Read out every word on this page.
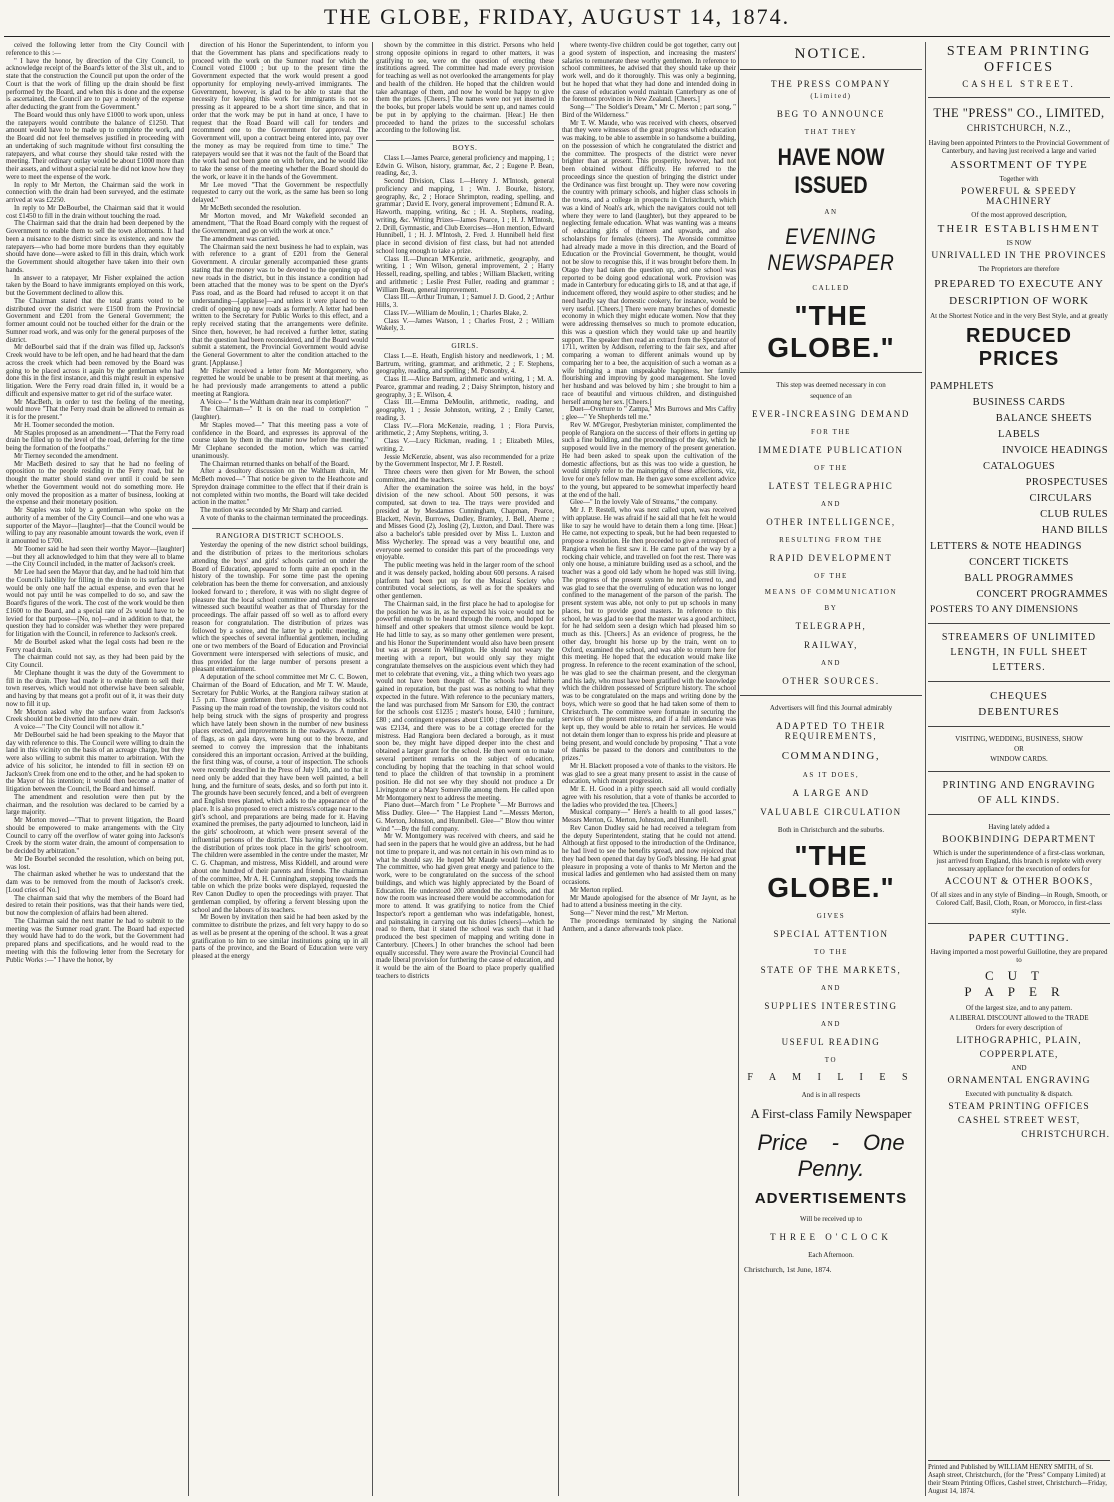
THE GLOBE, FRIDAY, AUGUST 14, 1874.

ceived the following letter from the City Council with reference to this :—

" I have the honor, by direction of the City Council, to acknowledge receipt of the Board's letter of the 31st ult., and to state that the construction the Council put upon the order of the Court is that the work of filling up the drain should be first performed by the Board, and when this is done and the expense is ascertained, the Council are to pay a moiety of the expense after deducting the grant from the Government."

The Board would thus only have £1000 to work upon, unless the ratepayers would contribute the balance of £1250. That amount would have to be made up to complete the work, and the Board did not feel themselves justified in proceeding with an undertaking of such magnitude without first consulting the ratepayers, and what course they should take rested with the meeting. Their ordinary outlay would be about £1000 more than their assets, and without a special rate he did not know how they were to meet the expense of the work.

In reply to Mr Merton, the Chairman said the work in connection with the drain had been surveyed, and the estimate arrived at was £2250.

In reply to Mr DeBourbel, the Chairman said that it would cost £1450 to fill in the drain without touching the road.

The Chairman said that the drain had been deepened by the Government to enable them to sell the town allotments. It had been a nuisance to the district since its existence, and now the ratepayers—who had borne more burdens than they equitably should have done—were asked to fill in this drain, which work the Government should altogether have taken into their own hands.

In answer to a ratepayer, Mr Fisher explained the action taken by the Board to have immigrants employed on this work, but the Government declined to allow this.

The Chairman stated that the total grants voted to be distributed over the district were £1500 from the Provincial Government and £201 from the General Government; the former amount could not be touched either for the drain or the Sumner road work, and was only for the general purposes of the district.

Mr deBourbel said that if the drain was filled up, Jackson's Creek would have to be left open, and he had heard that the dam across the creek which had been removed by the Board was going to be placed across it again by the gentleman who had done this in the first instance, and this might result in expensive litigation. Were the Ferry road drain filled in, it would be a difficult and expensive matter to get rid of the surface water.

Mr MacBeth, in order to test the feeling of the meeting, would move "That the Ferry road drain be allowed to remain as it is for the present."

Mr H. Toomer seconded the motion.

Mr Staples proposed as an amendment—"That the Ferry road drain be filled up to the level of the road, deferring for the time being the formation of the footpaths."

Mr Tierney seconded the amendment.

Mr MacBeth desired to say that he had no feeling of opposition to the people residing in the Ferry road, but he thought the matter should stand over until it could be seen whether the Government would not do something more. He only moved the proposition as a matter of business, looking at the expense and their monetary position.

Mr Staples was told by a gentleman who spoke on the authority of a member of the City Council—and one who was a supporter of the Mayor—[laughter]—that the Council would be willing to pay any reasonable amount towards the work, even if it amounted to £700.

Mr Toomer said he had seen their worthy Mayor—[laughter]—but they all acknowledged to him that they were all to blame—the City Council included, in the matter of Jackson's creek.

Mr Lee had seen the Mayor that day, and he had told him that the Council's liability for filling in the drain to its surface level would be only one half the actual expense, and even that he would not pay until he was compelled to do so, and saw the Board's figures of the work. The cost of the work would be then £1600 to the Board, and a special rate of 2s would have to be levied for that purpose—[No, no]—and in addition to that, the question they had to consider was whether they were prepared for litigation with the Council, in reference to Jackson's creek.

Mr de Bourbel asked what the legal costs had been re the Ferry road drain.

The chairman could not say, as they had been paid by the City Council.

Mr Clephane thought it was the duty of the Government to fill in the drain. They had made it to enable them to sell their town reserves, which would not otherwise have been saleable, and having by that means got a profit out of it, it was their duty now to fill it up.

Mr Morton asked why the surface water from Jackson's Creek should not be diverted into the new drain.

A voice—" The City Council will not allow it."

Mr DeBourbel said he had been speaking to the Mayor that day with reference to this. The Council were willing to drain the land in this vicinity on the basis of an acreage charge, but they were also willing to submit this matter to arbitration. With the advice of his solicitor, he intended to fill in section 69 on Jackson's Creek from one end to the other, and he had spoken to the Mayor of his intention; it would then become a matter of litigation between the Council, the Board and himself.

The amendment and resolution were then put by the chairman, and the resolution was declared to be carried by a large majority.

Mr Morton moved—"That to prevent litigation, the Board should be empowered to make arrangements with the City Council to carry off the overflow of water going into Jackson's Creek by the storm water drain, the amount of compensation to be decided by arbitration."

Mr De Bourbel seconded the resolution, which on being put, was lost.

The chairman asked whether he was to understand that the dam was to be removed from the mouth of Jackson's creek. [Loud cries of No.]

The chairman said that why the members of the Board had desired to retain their positions, was that their hands were tied, but now the complexion of affairs had been altered.

The Chairman said the next matter he had to submit to the meeting was the Sumner road grant. The Board had expected they would have had to do the work, but the Government had prepared plans and specifications, and he would read to the meeting with this the following letter from the Secretary for Public Works :—" I have the honor, by

direction of his Honor the Superintendent, to inform you that the Government has plans and specifications ready to proceed with the work on the Sumner road for which the Council voted £1000 ; but up to the present time the Government expected that the work would present a good opportunity for employing newly-arrived immigrants. The Government, however, is glad to be able to state that the necessity for keeping this work for immigrants is not so pressing as it appeared to be a short time since, and that in order that the work may be put in hand at once, I have to request that the Road Board will call for tenders and recommend one to the Government for approval. The Government will, upon a contract being entered into, pay over the money as may be required from time to time." The ratepayers would see that it was not the fault of the Board that the work had not been gone on with before, and he would like to take the sense of the meeting whether the Board should do the work, or leave it in the hands of the Government.

Mr Lee moved "That the Government be respectfully requested to carry out the work, as the same has been so long delayed."

Mr McBeth seconded the resolution.

Mr Morton moved, and Mr Wakefield seconded an amendment, "That the Road Board comply with the request of the Government, and go on with the work at once."

The amendment was carried.

The Chairman said the next business he had to explain, was with reference to a grant of £201 from the General Government. A circular generally accompanied these grants stating that the money was to be devoted to the opening up of new roads in the district, but in this instance a condition had been attached that the money was to be spent on the Dyer's Pass road, and as the Board had refused to accept it on that understanding—[applause]—and unless it were placed to the credit of opening up new roads as formerly. A letter had been written to the Secretary for Public Works to this effect, and a reply received stating that the arrangements were definite. Since then, however, he had received a further letter, stating that the question had been reconsidered, and if the Board would submit a statement, the Provincial Government would advise the General Government to alter the condition attached to the grant. [Applause.]

Mr Fisher received a letter from Mr Montgomery, who regretted he would be unable to be present at that meeting, as he had previously made arrangements to attend a public meeting at Rangiora.

A Voice—" Is the Waltham drain near its completion?"

The Chairman—" It is on the road to completion " (laughter).

Mr Staples moved—" That this meeting pass a vote of confidence in the Board, and expresses its approval of the course taken by them in the matter now before the meeting." Mr Clephane seconded the motion, which was carried unanimously.

The Chairman returned thanks on behalf of the Board.

After a desultory discussion on the Waltham drain, Mr McBeth moved—" That notice be given to the Heathcote and Spreydon drainage committee to the effect that if their drain is not completed within two months, the Board will take decided action in the matter."

The motion was seconded by Mr Sharp and carried.

A vote of thanks to the chairman terminated the proceedings.

RANGIORA DISTRICT SCHOOLS.

Yesterday the opening of the new district school buildings, and the distribution of prizes to the meritorious scholars attending the boys' and girls' schools carried on under the Board of Education, appeared to form quite an epoch in the history of the township. For some time past the opening celebration has been the theme for conversation, and anxiously looked forward to ; therefore, it was with no slight degree of pleasure that the local school committee and others interested witnessed such beautiful weather as that of Thursday for the proceedings. The affair passed off so well as to afford every reason for congratulation. The distribution of prizes was followed by a soiree, and the latter by a public meeting, at which the speeches of several influential gentlemen, including one or two members of the Board of Education and Provincial Government were interspersed with selections of music, and thus provided for the large number of persons present a pleasant entertainment.

A deputation of the school committee met Mr C. C. Bowen, Chairman of the Board of Education, and Mr T. W. Maude, Secretary for Public Works, at the Rangiora railway station at 1.5 p.m. Those gentlemen then proceeded to the schools. Passing up the main road of the township, the visitors could not help being struck with the signs of prosperity and progress which have lately been shown in the number of new business places erected, and improvements in the roadways. A number of flags, as on gala days, were hung out to the breeze, and seemed to convey the impression that the inhabitants considered this an important occasion. Arrived at the building, the first thing was, of course, a tour of inspection. The schools were recently described in the Press of July 15th, and to that it need only be added that they have been well painted, a bell hung, and the furniture of seats, desks, and so forth put into it. The grounds have been securely fenced, and a belt of evergreen and English trees planted, which adds to the appearance of the place. It is also proposed to erect a mistress's cottage near to the girl's school, and preparations are being made for it. Having examined the premises, the party adjourned to luncheon, laid in the girls' schoolroom, at which were present several of the influential persons of the district. This having been got over, the distribution of prizes took place in the girls' schoolroom. The children were assembled in the centre under the master, Mr C. G. Chapman, and mistress, Miss Kiddell, and around were about one hundred of their parents and friends. The chairman of the committee, Mr A. H. Cunningham, stepping towards the table on which the prize books were displayed, requested the Rev Canon Dudley to open the proceedings with prayer. That gentleman complied, by offering a fervent blessing upon the school and the labours of its teachers.

Mr Bowen by invitation then said he had been asked by the committee to distribute the prizes, and felt very happy to do so as well as be present at the opening of the school. It was a great gratification to him to see similar institutions going up in all parts of the province, and the Board of Education were very pleased at the energy

shown by the committee in this district. Persons who held strong opposite opinions in regard to other matters, it was gratifying to see, were on the question of erecting these institutions agreed. The committee had made every provision for teaching as well as not overlooked the arrangements for play and health of the children. He hoped that the children would take advantage of them, and now he would be happy to give them the prizes. [Cheers.] The names were not yet inserted in the books, but proper labels would be sent up, and names could be put in by applying to the chairman. [Hear.] He then proceeded to hand the prizes to the successful scholars according to the following list.

BOYS.

Class I.—James Pearce, general proficiency and mapping, 1 ; Edwin G. Wilson, history, grammar, &c, 2 ; Eugene P. Bean, reading, &c, 3.

Second Division, Class I.—Henry J. M'Intosh, general proficiency and mapping, 1 ; Wm. J. Bourke, history, geography, &c, 2 ; Horace Shrimpton, reading, spelling, and grammar ; David E. Ivory, general improvement ; Edmund R. A. Haworth, mapping, writing, &c ; H. A. Stephens, reading, writing, &c. Writing Prizes—James Pearce, 1 ; H. J. M'Intosh, 2. Drill, Gymnastic, and Club Exercises—Hon mention, Edward Hunnibell, 1 ; H. J. M'Intosh, 2. Fred. J. Hunnibell held first place in second division of first class, but had not attended school long enough to take a prize.

Class II.—Duncan M'Kenzie, arithmetic, geography, and writing, 1 ; Wm Wilson, general improvement, 2 ; Harry Hessell, reading, spelling, and tables ; William Blackett, writing and arithmetic ; Leslie Prest Fuller, reading and grammar ; William Bean, general improvement.

Class III.—Arthur Truman, 1 ; Samuel J. D. Good, 2 ; Arthur Hills, 3.

Class IV.—William de Moulin, 1 ; Charles Blake, 2.

Class V.—James Watson, 1 ; Charles Frost, 2 ; William Wakely, 3.

GIRLS.

Class I.—E. Heath, English history and needlework, 1 ; M. Bartrum, writing, grammar, and arithmetic, 2 ; F. Stephens, geography, reading, and spelling ; M. Ponsonby, 4.

Class II.—Alice Bartrum, arithmetic and writing, 1 ; M. A. Pearce, grammar and reading, 2 ; Daisy Shrimpton, history and geography, 3 ; E. Wilson, 4.

Class III.—Emma DeMoulin, arithmetic, reading, and geography, 1 ; Jessie Johnston, writing, 2 ; Emily Carter, reading, 3.

Class IV.—Flora McKenzie, reading, 1 ; Flora Purvis, arithmetic, 2 ; Amy Stephens, writing, 3.

Class V.—Lucy Rickman, reading, 1 ; Elizabeth Miles, writing, 2.

Jessie McKenzie, absent, was also recommended for a prize by the Government Inspector, Mr J. P. Restell.

Three cheers were then given for Mr Bowen, the school committee, and the teachers.

After the examination the soiree was held, in the boys' division of the new school. About 500 persons, it was computed, sat down to tea. The trays were provided and presided at by Mesdames Cunningham, Chapman, Pearce, Blackett, Nevin, Burrows, Dudley, Bramley, J. Bell, Aherne ; and Misses Good (2), Josling (2), Luxton, and Daul. There was also a bachelor's table presided over by Miss L. Luxton and Miss Wycherley. The spread was a very beautiful one, and everyone seemed to consider this part of the proceedings very enjoyable.

The public meeting was held in the larger room of the school and it was densely packed, holding about 600 persons. A raised platform had been put up for the Musical Society who contributed vocal selections, as well as for the speakers and other gentlemen.

The Chairman said, in the first place he had to apologise for the position he was in, as he expected his voice would not be powerful enough to be heard through the room, and hoped for himself and other speakers that utmost silence would be kept. He had little to say, as so many other gentlemen were present, and his Honor the Superintendent would also have been present but was at present in Wellington. He should not weary the meeting with a report, but would only say they might congratulate themselves on the auspicious event which they had met to celebrate that evening, viz., a thing which two years ago would not have been thought of. The schools had hitherto gained in reputation, but the past was as nothing to what they expected in the future. With reference to the pecuniary matters, the land was purchased from Mr Sansom for £30, the contract for the schools cost £1235 ; master's house, £410 ; furniture, £80 ; and contingent expenses about £100 ; therefore the outlay was £2134, and there was to be a cottage erected for the mistress. Had Rangiora been declared a borough, as it must soon be, they might have dipped deeper into the chest and obtained a larger grant for the school. He then went on to make several pertinent remarks on the subject of education, concluding by hoping that the teaching in that school would tend to place the children of that township in a prominent position. He did not see why they should not produce a Dr Livingstone or a Mary Somerville among them. He called upon Mr Montgomery next to address the meeting.

Piano duet—March from " Le Prophete "—Mr Burrows and Miss Dudley. Glee—" The Happiest Land "—Messrs Merton, G. Merton, Johnston, and Hunnibell. Glee—" Blow thou winter wind "—By the full company.

Mr W. Montgomery was received with cheers, and said he had seen in the papers that he would give an address, but he had not time to prepare it, and was not certain in his own mind as to what he should say. He hoped Mr Maude would follow him. The committee, who had given great energy and patience to the work, were to be congratulated on the success of the school buildings, and which was highly appreciated by the Board of Education. He understood 200 attended the schools, and that now the room was increased there would be accommodation for more to attend. It was gratifying to notice from the Chief Inspector's report a gentleman who was indefatigable, honest, and painstaking in carrying out his duties [cheers]—which he read to them, that it stated the school was such that it had produced the best specimen of mapping and writing done in Canterbury. [Cheers.] In other branches the school had been equally successful. They were aware the Provincial Council had made liberal provision for furthering the cause of education, and it would be the aim of the Board to place properly qualified teachers to districts

where twenty-five children could be got together, carry out a good system of inspection, and increasing the masters' salaries to remunerate these worthy gentlemen. In reference to school committees, he advised that they should take up their work well, and do it thoroughly. This was only a beginning, but he hoped that what they had done and intended doing in the cause of education would maintain Canterbury as one of the foremost provinces in New Zealand. [Cheers.]

Song—" The Soldier's Dream," Mr C. Merton ; part song, " Bird of the Wilderness."

Mr T. W. Maude, who was received with cheers, observed that they were witnesses of the great progress which education was making, to be able to assemble in so handsome a building, on the possession of which he congratulated the district and the committee. The prospects of the district were never brighter than at present. This prosperity, however, had not been obtained without difficulty. He referred to the proceedings since the question of bringing the district under the Ordinance was first brought up. They were now covering the country with primary schools, and higher class schools in the towns, and a college in prospectu in Christchurch, which was a kind of Noah's ark, which the navigators could not tell where they were to land (laughter), but they appeared to be neglecting female education. What was wanting was a means of educating girls of thirteen and upwards, and also scholarships for females (cheers). The Avonside committee had already made a move in this direction, and the Board of Education or the Provincial Government, he thought, would not be slow to recognise this, if it was brought before them. In Otago they had taken the question up, and one school was reported to be doing good educational work. Provision was made in Canterbury for educating girls to 18, and at that age, if inducement offered, they would aspire to other studies; and he need hardly say that domestic cookery, for instance, would be very useful. [Cheers.] There were many branches of domestic economy in which they might educate women. Now that they were addressing themselves so much to promote education, this was a question which they would take up and heartily support. The speaker then read an extract from the Spectator of 1711, written by Addison, referring to the fair sex, and after comparing a woman to different animals wound up by comparing her to a bee, the acquisition of such a woman as a wife bringing a man unspeakable happiness, her family flourishing and improving by good management. She loved her husband and was beloved by him ; she brought to him a race of beautiful and virtuous children, and distinguished herself among her sex. [Cheers.]

Duet—Overture to " Zampa," Mrs Burrows and Mrs Caffry ; glee—" Ye Shepherds tell me."

Rev W. M'Gregor, Presbyterian minister, complimented the people of Rangiora on the success of their efforts in getting up such a fine building, and the proceedings of the day, which he supposed would live in the memory of the present generation. He had been asked to speak upon the cultivation of the domestic affections, but as this was too wide a question, he would simply refer to the mainspring of these affections, viz, love for one's fellow man. He then gave some excellent advice to the young, but appeared to be somewhat imperfectly heard at the end of the hall.

Glee—" In the lovely Vale of Streams," the company.

Mr J. P. Restell, who was next called upon, was received with applause. He was afraid if he said all that he felt he would like to say he would have to detain them a long time. [Hear.] He came, not expecting to speak, but he had been requested to propose a resolution. He then proceeded to give a retrospect of Rangiora when he first saw it. He came part of the way by a rocking chair vehicle, and travelled on foot the rest. There was only one house, a miniature building used as a school, and the teacher was a good old lady whom he hoped was still living. The progress of the present system he next referred to, and was glad to see that the overruling of education was no longer confined to the management of the parson of the parish. The present system was able, not only to put up schools in many places, but to provide good masters. In reference to this school, he was glad to see that the master was a good architect, for he had seldom seen a design which had pleased him so much as this. [Cheers.] As an evidence of progress, he the other day, brought his horse up by the train, went on to Oxford, examined the school, and was able to return here for this meeting. He hoped that the education would make like progress. In reference to the recent examination of the school, he was glad to see the chairman present, and the clergyman and his lady, who must have been gratified with the knowledge which the children possessed of Scripture history. The school was to be congratulated on the maps and writing done by the boys, which were so good that he had taken some of them to Christchurch. The committee were fortunate in securing the services of the present mistress, and if a full attendance was kept up, they would be able to retain her services. He would not detain them longer than to express his pride and pleasure at being present, and would conclude by proposing " That a vote of thanks be passed to the donors and contributors to the prizes."

Mr H. Blackett proposed a vote of thanks to the visitors. He was glad to see a great many present to assist in the cause of education, which meant progression.

Mr E. H. Good in a pithy speech said all would cordially agree with his resolution, that a vote of thanks be accorded to the ladies who provided the tea. [Cheers.]

Musical company—" Here's a health to all good lasses," Messrs Merton, G. Merton, Johnston, and Hunnibell.

Rev Canon Dudley said he had received a telegram from the deputy Superintendent, stating that he could not attend. Although at first opposed to the introduction of the Ordinance, he had lived to see the benefits spread, and now rejoiced that they had been opened that day by God's blessing. He had great pleasure in proposing a vote of thanks to Mr Merton and the musical ladies and gentlemen who had assisted them on many occasions.

Mr Merton replied.

Mr Maude apologised for the absence of Mr Jaynt, as he had to attend a business meeting in the city.

Song—" Never mind the rest," Mr Merton.

The proceedings terminated by singing the National Anthem, and a dance afterwards took place.

NOTICE.
THE PRESS COMPANY
(Limited)
BEG TO ANNOUNCE
THAT THEY
HAVE NOW ISSUED
AN
EVENING NEWSPAPER
CALLED
"THE GLOBE."
This step was deemed necessary in con
sequence of an
EVER-INCREASING DEMAND
FOR THE
IMMEDIATE PUBLICATION
OF THE
LATEST TELEGRAPHIC
AND
OTHER INTELLIGENCE,
RESULTING FROM THE
RAPID DEVELOPMENT
OF THE
MEANS OF COMMUNICATION
BY
TELEGRAPH,
RAILWAY,
AND
OTHER SOURCES.
Advertisers will find this Journal admirably
ADAPTED TO THEIR REQUIREMENTS,
COMMANDING,
AS IT DOES,
A LARGE AND
VALUABLE CIRCULATION
Both in Christchurch and the suburbs.
"THE GLOBE."
GIVES
SPECIAL ATTENTION
TO THE
STATE OF THE MARKETS,
AND
SUPPLIES INTERESTING
AND
USEFUL READING
TO
F A M I L I E S
And is in all respects
A First-class Family Newspaper
Price - One Penny.
ADVERTISEMENTS
Will be received up to
THREE O'CLOCK
Each Afternoon.
Christchurch, 1st June, 1874.
STEAM PRINTING OFFICES
CASHEL STREET.
THE "PRESS" CO., LIMITED,
CHRISTCHURCH, N.Z.,
Having been appointed Printers to the Provincial Government of Canterbury, and having just received a large and varied
ASSORTMENT OF TYPE
Together with
POWERFUL & SPEEDY MACHINERY
Of the most approved description,
THEIR ESTABLISHMENT
IS NOW
UNRIVALLED IN THE PROVINCES
The Proprietors are therefore
PREPARED TO EXECUTE ANY
DESCRIPTION OF WORK
At the Shortest Notice and in the very Best Style, and at greatly
REDUCED PRICES
PAMPHLETS
BUSINESS CARDS
BALANCE SHEETS
LABELS
INVOICE HEADINGS
CATALOGUES
PROSPECTUSES
CIRCULARS
CLUB RULES
HAND BILLS
LETTERS & NOTE HEADINGS
CONCERT TICKETS
BALL PROGRAMMES
CONCERT PROGRAMMES
POSTERS TO ANY DIMENSIONS
STREAMERS OF UNLIMITED
LENGTH, IN FULL SHEET
LETTERS.
CHEQUES
DEBENTURES
VISITING, WEDDING, BUSINESS, SHOW
OR
WINDOW CARDS.
PRINTING AND ENGRAVING
OF ALL KINDS.
Having lately added a
BOOKBINDING DEPARTMENT
Which is under the superintendence of a first-class workman, just arrived from England, this branch is replete with every necessary appliance for the execution of orders for
ACCOUNT & OTHER BOOKS,
Of all sizes and in any style of Binding—in Rough, Smooth, or Colored Calf, Basil, Cloth, Roan, or Morocco, in first-class style.
PAPER CUTTING.
Having imported a most powerful Guillotine, they are prepared to
CUT PAPER
Of the largest size, and to any pattern.
A LIBERAL DISCOUNT allowed to the TRADE
Orders for every description of
LITHOGRAPHIC, PLAIN,
COPPERPLATE,
AND
ORNAMENTAL ENGRAVING
Executed with punctuality & dispatch.
STEAM PRINTING OFFICES
CASHEL STREET WEST,
CHRISTCHURCH.
Printed and Published by WILLIAM HENRY SMITH, of St. Asaph street, Christchurch, (for the "Press" Company Limited) at their Steam Printing Offices, Cashel street, Christchurch—Friday, August 14, 1874.
